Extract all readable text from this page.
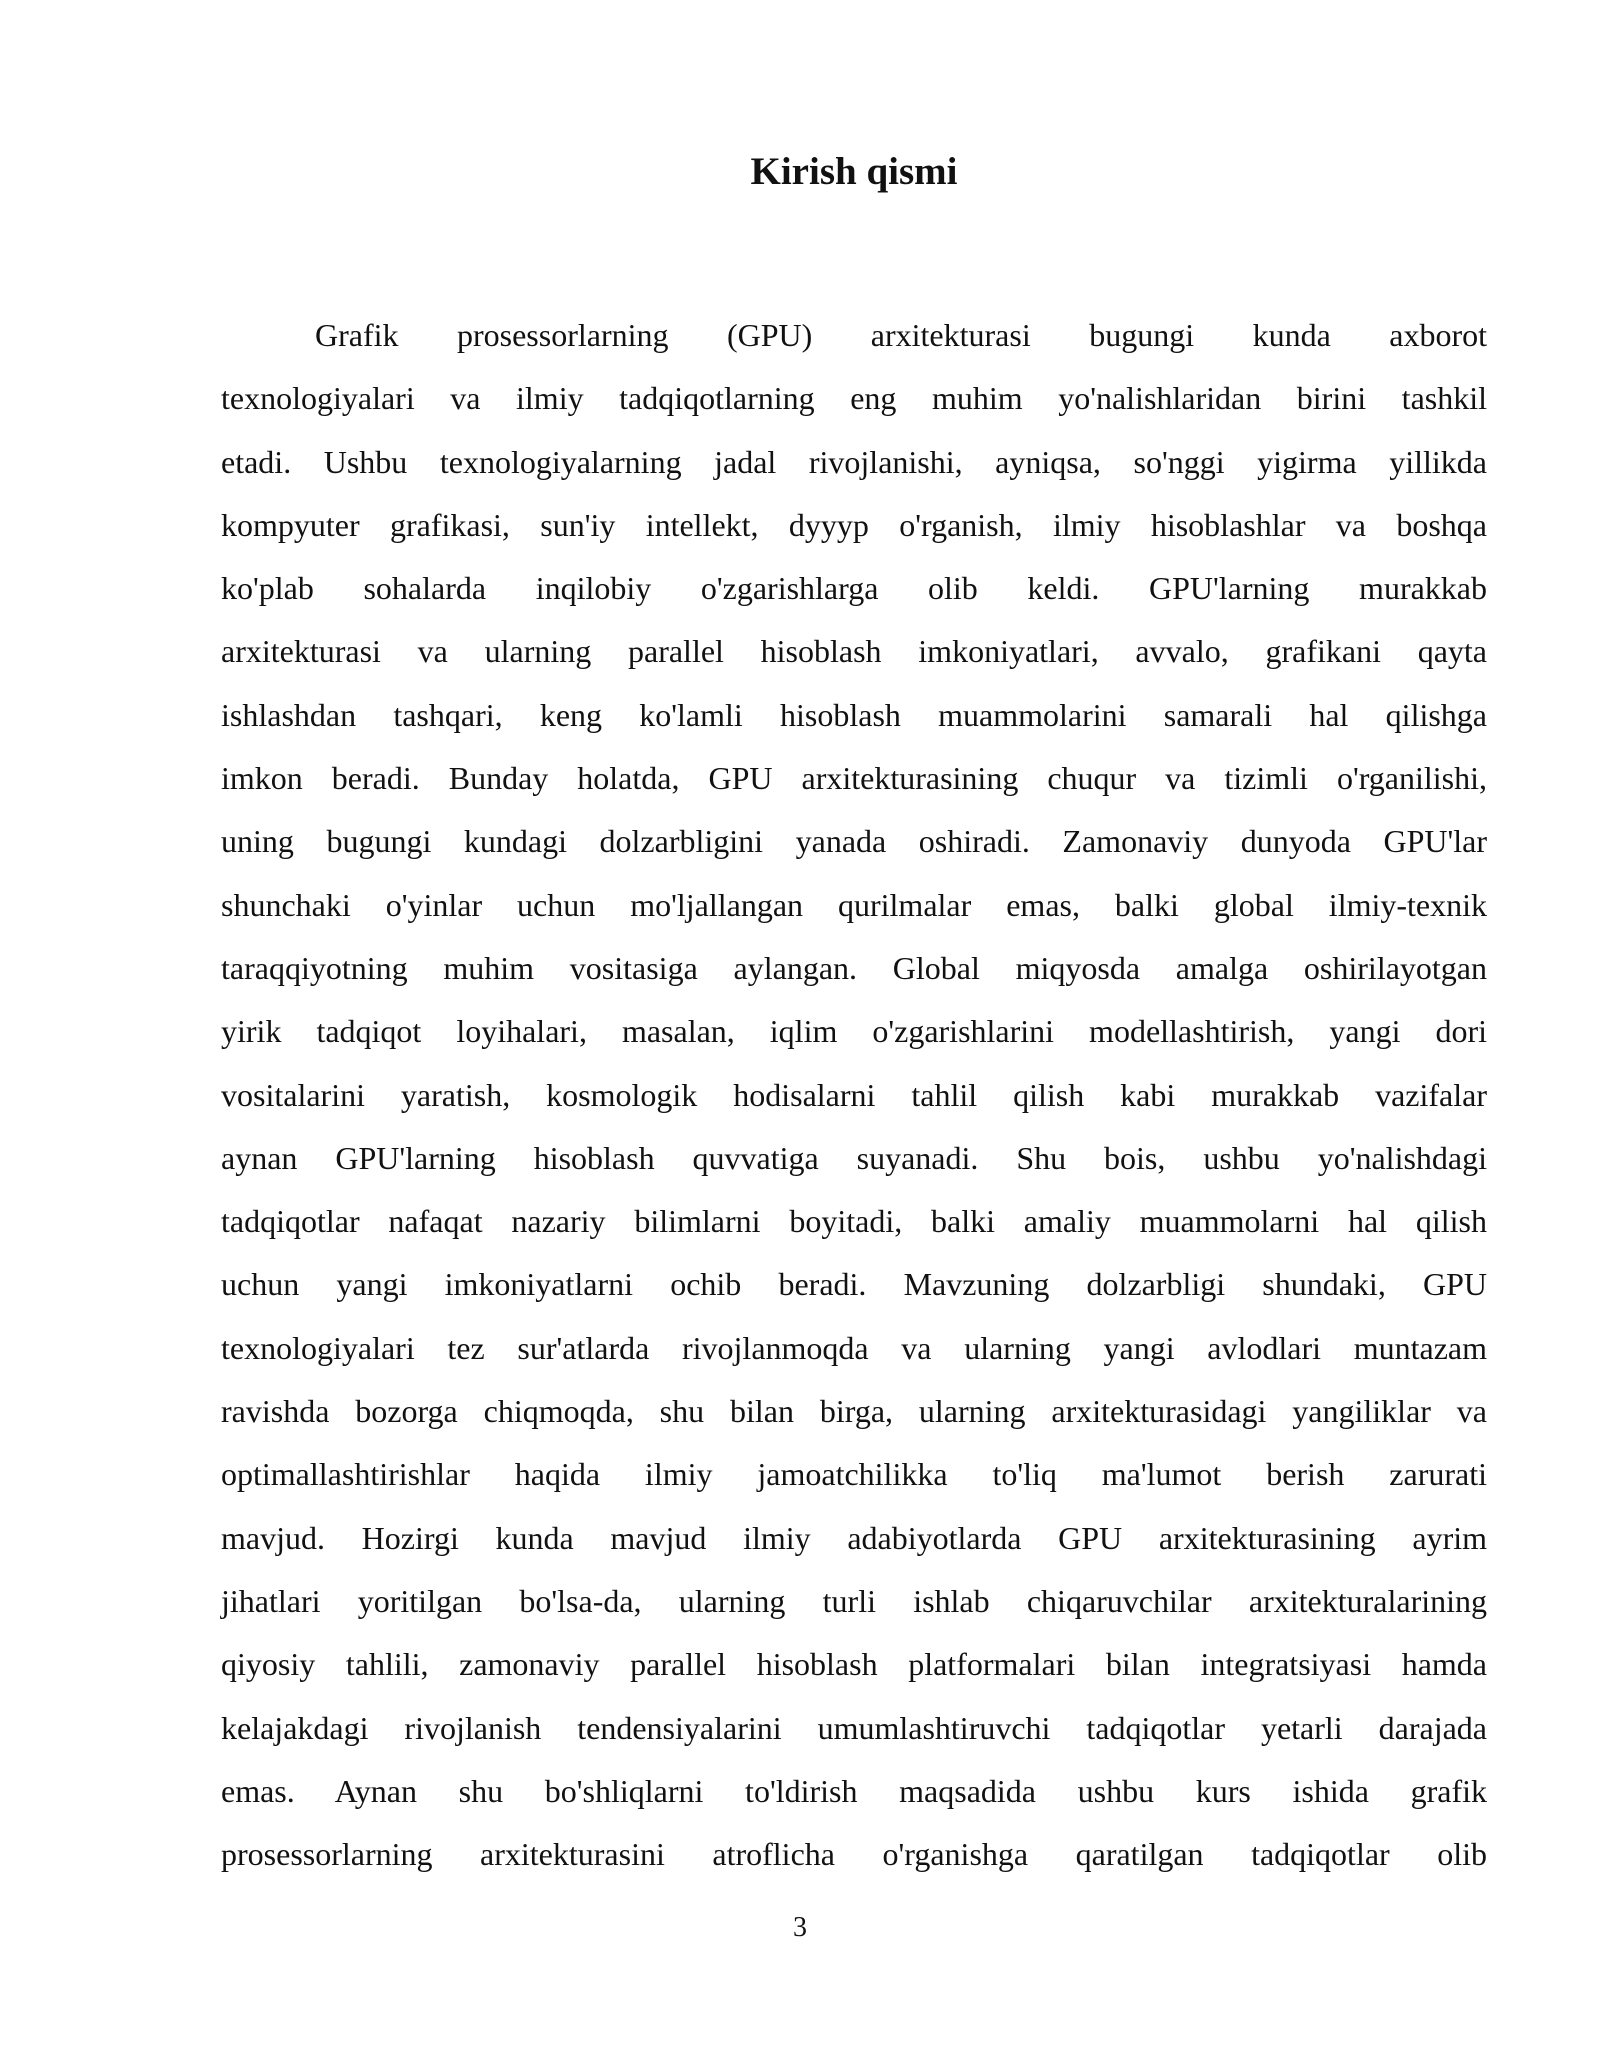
Kirish qismi
Grafik prosessorlarning (GPU) arxitekturasi bugungi kunda axborot
texnologiyalari va ilmiy tadqiqotlarning eng muhim yo'nalishlaridan birini tashkil
etadi. Ushbu texnologiyalarning jadal rivojlanishi, ayniqsa, so'nggi yigirma yillikda
kompyuter grafikasi, sun'iy intellekt, dyyyp o'rganish, ilmiy hisoblashlar va boshqa
ko'plab sohalarda inqilobiy o'zgarishlarga olib keldi. GPU'larning murakkab
arxitekturasi va ularning parallel hisoblash imkoniyatlari, avvalo, grafikani qayta
ishlashdan tashqari, keng ko'lamli hisoblash muammolarini samarali hal qilishga
imkon beradi. Bunday holatda, GPU arxitekturasining chuqur va tizimli o'rganilishi,
uning bugungi kundagi dolzarbligini yanada oshiradi. Zamonaviy dunyoda GPU'lar
shunchaki o'yinlar uchun mo'ljallangan qurilmalar emas, balki global ilmiy-texnik
taraqqiyotning muhim vositasiga aylangan. Global miqyosda amalga oshirilayotgan
yirik tadqiqot loyihalari, masalan, iqlim o'zgarishlarini modellashtirish, yangi dori
vositalarini yaratish, kosmologik hodisalarni tahlil qilish kabi murakkab vazifalar
aynan GPU'larning hisoblash quvvatiga suyanadi. Shu bois, ushbu yo'nalishdagi
tadqiqotlar nafaqat nazariy bilimlarni boyitadi, balki amaliy muammolarni hal qilish
uchun yangi imkoniyatlarni ochib beradi. Mavzuning dolzarbligi shundaki, GPU
texnologiyalari tez sur'atlarda rivojlanmoqda va ularning yangi avlodlari muntazam
ravishda bozorga chiqmoqda, shu bilan birga, ularning arxitekturasidagi yangiliklar va
optimallashtirishlar haqida ilmiy jamoatchilikka to'liq ma'lumot berish zarurati
mavjud. Hozirgi kunda mavjud ilmiy adabiyotlarda GPU arxitekturasining ayrim
jihatlari yoritilgan bo'lsa-da, ularning turli ishlab chiqaruvchilar arxitekturalarining
qiyosiy tahlili, zamonaviy parallel hisoblash platformalari bilan integratsiyasi hamda
kelajakdagi rivojlanish tendensiyalarini umumlashtiruvchi tadqiqotlar yetarli darajada
emas. Aynan shu bo'shliqlarni to'ldirish maqsadida ushbu kurs ishida grafik
prosessorlarning arxitekturasini atroflicha o'rganishga qaratilgan tadqiqotlar olib
3
